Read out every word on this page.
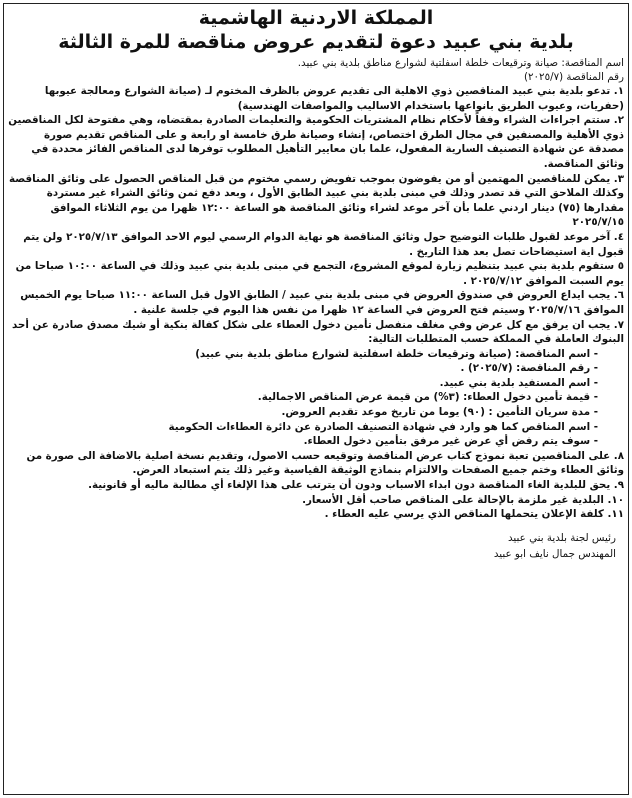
المملكة الاردنية الهاشمية
بلدية بني عبيد دعوة لتقديم عروض مناقصة للمرة الثالثة
اسم المناقصة: صيانة وترقيعات خلطة اسفلتية لشوارع مناطق بلدية بني عبيد.
رقم المناقصة (٢٠٢٥/٧)

١. تدعو بلدية بني عبيد المناقصين ذوي الاهلية الى تقديم عروض بالظرف المختوم لـ (صيانة الشوارع ومعالجة عيوبها (حفريات، وعيوب الطريق بانواعها باستخدام الاساليب والمواصفات الهندسية)

٢. ستتم اجراءات الشراء وفقاً لأحكام نظام المشتريات الحكومية والتعليمات الصادرة بمقتضاه، وهي مفتوحة لكل المناقصين ذوي الأهلية والمصنفين في مجال الطرق اختصاص، إنشاء وصيانة طرق خامسة او رابعة و على المناقص تقديم صورة مصدقة عن شهادة التصنيف السارية المفعول، علما بان معايير التأهيل المطلوب توفرها لدى المناقص الفائز محددة في وثائق المناقصة.

٣. يمكن للمناقصين المهتمين أو من يفوضون بموجب تفويض رسمي مختوم من قبل المناقص الحصول على وثائق المناقصة وكذلك الملاحق التي قد تصدر وذلك في مبنى بلدية بني عبيد الطابق الأول ، وبعد دفع ثمن وثائق الشراء غير مستردة مقدارها (٧٥) دينار اردني علما بأن آخر موعد لشراء وثائق المناقصة هو الساعة ١٢:٠٠ ظهرا من يوم الثلاثاء الموافق ٢٠٢٥/٧/١٥

٤. آخر موعد لقبول طلبات التوضيح حول وثائق المناقصة هو نهاية الدوام الرسمي ليوم الاحد الموافق ٢٠٢٥/٧/١٣ ولن يتم قبول اية استيضاحات تصل بعد هذا التاريخ .

٥ ستقوم بلدية بني عبيد بتنظيم زيارة لموقع المشروع، التجمع في مبنى بلدية بني عبيد وذلك في الساعة ١٠:٠٠ صباحا من يوم السبت الموافق ٢٠٢٥/٧/١٢ .

٦. يجب ايداع العروض في صندوق العروض في مبنى بلدية بني عبيد / الطابق الاول قبل الساعة ١١:٠٠ صباحا يوم الخميس الموافق ٢٠٢٥/٧/١٦ وسيتم فتح العروض في الساعة ١٢ ظهرا من نفس هذا اليوم في جلسة علنية .

٧. يجب ان يرفق مع كل عرض وفي مغلف منفصل تأمين دخول العطاء على شكل كفالة بنكية أو شيك مصدق صادرة عن أحد البنوك العاملة في المملكة حسب المتطلبات التالية:

- اسم المناقصة: (صيانة وترقيعات خلطة اسفلتية لشوارع مناطق بلدية بني عبيد)

- رقم المناقصة: (٢٠٢٥/٧) .

- اسم المستفيد بلدية بني عبيد.

- قيمة تأمين دخول العطاء: (٣%) من قيمة عرض المناقص الاجمالية.

- مدة سريان التأمين : (٩٠) يوما من تاريخ موعد تقديم العروض.

- اسم المناقص كما هو وارد في شهادة التصنيف الصادرة عن دائرة العطاءات الحكومية

- سوف يتم رفض أي عرض غير مرفق بتأمين دخول العطاء.

٨. على المناقصين تعبة نموذج كتاب عرض المناقصة وتوقيعه حسب الاصول، وتقديم نسخة اصلية بالاضافة الى صورة من وثائق العطاء وختم جميع الصفحات والالتزام بنماذج الوثيقة القياسية وغير ذلك يتم استبعاد العرض.

٩. يحق للبلدية الغاء المناقصة دون ابداء الاسباب ودون أن يترتب على هذا الإلغاء أي مطالبة ماليه أو قانونية.

١٠. البلدية غير ملزمة بالإحالة على المناقص صاحب أقل الأسعار.

١١. كلفة الإعلان يتحملها المناقص الذي يرسي عليه العطاء .

رئيس لجنة بلدية بني عبيد
المهندس جمال نايف ابو عبيد
